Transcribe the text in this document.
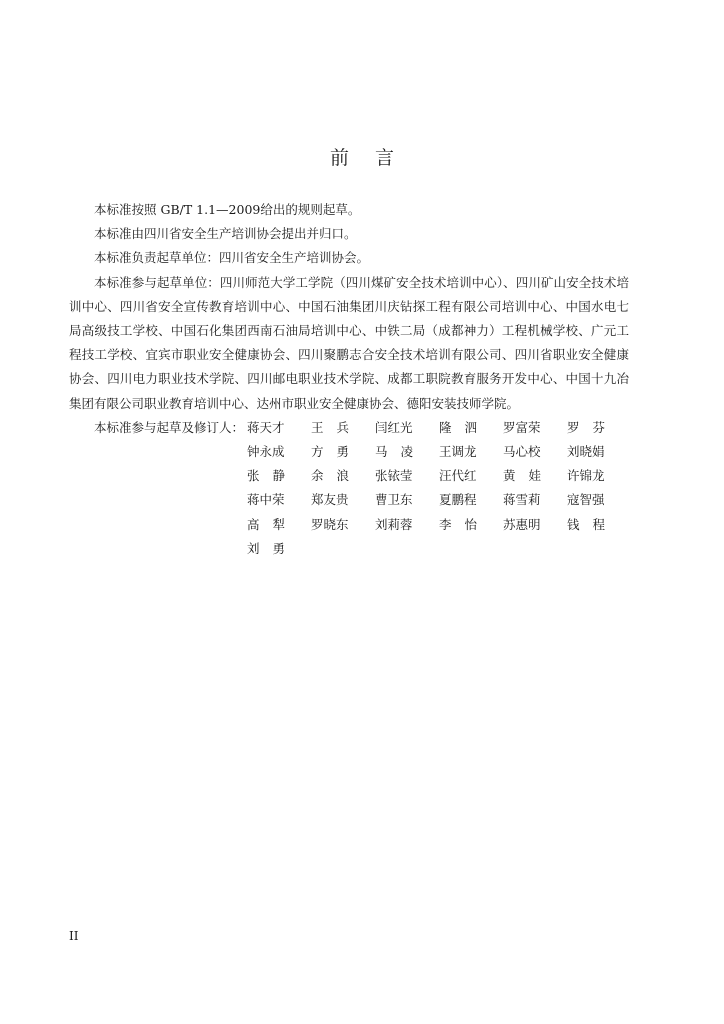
前言

本标准按照 GB/T 1.1—2009给出的规则起草。

本标准由四川省安全生产培训协会提出并归口。

本标准负责起草单位：四川省安全生产培训协会。

本标准参与起草单位：四川师范大学工学院（四川煤矿安全技术培训中心）、四川矿山安全技术培训中心、四川省安全宣传教育培训中心、中国石油集团川庆钻探工程有限公司培训中心、中国水电七局高级技工学校、中国石化集团西南石油局培训中心、中铁二局（成都神力）工程机械学校、广元工程技工学校、宜宾市职业安全健康协会、四川聚鹏志合安全技术培训有限公司、四川省职业安全健康协会、四川电力职业技术学院、四川邮电职业技术学院、成都工职院教育服务开发中心、中国十九冶集团有限公司职业教育培训中心、达州市职业安全健康协会、德阳安装技师学院。

本标准参与起草及修订人： 蒋天才	王兵	闫红光	隆泗	罗富荣	罗芬
钟永成	方勇	马凌	王调龙	马心校	刘晓娟
张静	余浪	张铱莹	汪代红	黄娃	许锦龙
蒋中荣	郑友贵	曹卫东	夏鹏程	蒋雪莉	寇智强
高犁	罗晓东	刘莉蓉	李怡	苏惠明	钱程
刘勇
II
